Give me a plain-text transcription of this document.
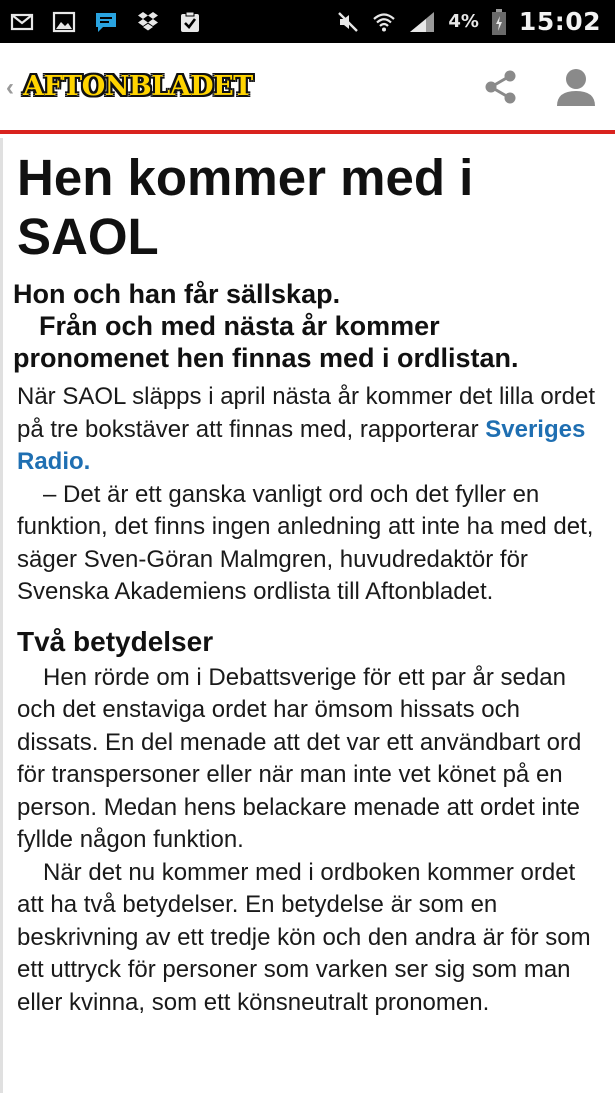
4% 15:02
‹ AFTONBLADET
Hen kommer med i SAOL
Hon och han får sällskap.
Från och med nästa år kommer
pronomenet hen finnas med i ordlistan.

När SAOL släpps i april nästa år kommer det lilla ordet på tre bokstäver att finnas med, rapporterar Sveriges Radio.

– Det är ett ganska vanligt ord och det fyller en funktion, det finns ingen anledning att inte ha med det, säger Sven-Göran Malmgren, huvudredaktör för Svenska Akademiens ordlista till Aftonbladet.

Två betydelser

Hen rörde om i Debattsverige för ett par år sedan och det enstaviga ordet har ömsom hissats och dissats. En del menade att det var ett användbart ord för transpersoner eller när man inte vet könet på en person. Medan hens belackare menade att ordet inte fyllde någon funktion.

När det nu kommer med i ordboken kommer ordet att ha två betydelser. En betydelse är som en beskrivning av ett tredje kön och den andra är för som ett uttryck för personer som varken ser sig som man eller kvinna, som ett könsneutralt pronomen.
